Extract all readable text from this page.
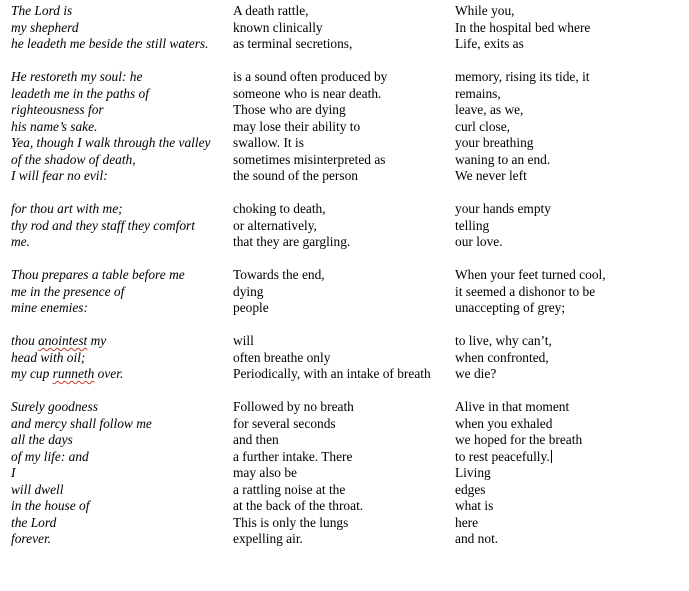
The Lord is
my shepherd
he leadeth me beside the still waters.
He restoreth my soul: he
leadeth me in the paths of
righteousness for
his name’s sake.
Yea, though I walk through the valley
of the shadow of death,
I will fear no evil:
for thou art with me;
thy rod and they staff they comfort
me.
Thou prepares a table before me
me in the presence of
mine enemies:
thou anointest my
head with oil;
my cup runneth over.
Surely goodness
and mercy shall follow me
all the days
of my life: and
I
will dwell
in the house of
the Lord
forever.
A death rattle,
known clinically
as terminal secretions,
is a sound often produced by
someone who is near death.
Those who are dying
may lose their ability to
swallow. It is
sometimes misinterpreted as
the sound of the person
choking to death,
or alternatively,
that they are gargling.
Towards the end,
dying
people
will
often breathe only
Periodically, with an intake of breath
Followed by no breath
for several seconds
and then
a further intake. There
may also be
a rattling noise at the
at the back of the throat.
This is only the lungs
expelling air.
While you,
In the hospital bed where
Life, exits as
memory, rising its tide, it
remains,
leave, as we,
curl close,
your breathing
waning to an end.
We never left
your hands empty
telling
our love.
When your feet turned cool,
it seemed a dishonor to be
unaccepting of grey;
to live, why can’t,
when confronted,
we die?
Alive in that moment
when you exhaled
we hoped for the breath
to rest peacefully.
Living
edges
what is
here
and not.
